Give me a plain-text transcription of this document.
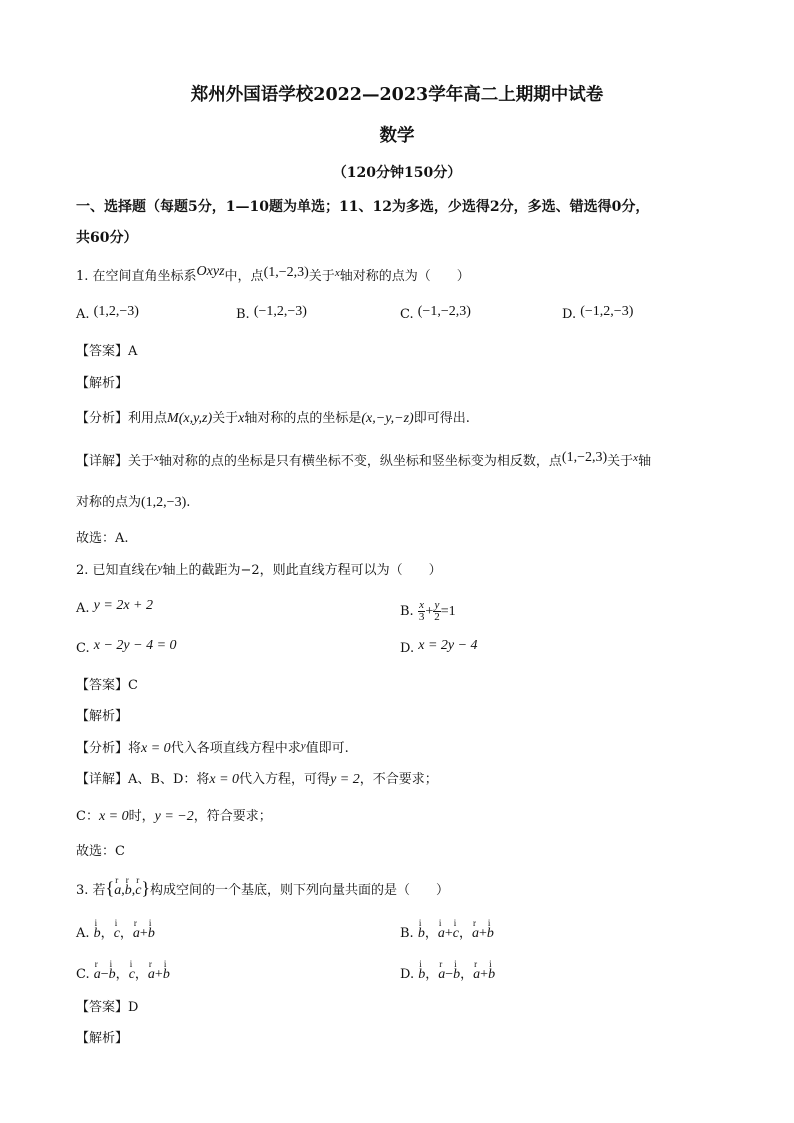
郑州外国语学校2022—2023学年高二上期期中试卷
数学
（120分钟150分）
一、选择题（每题5分，1—10题为单选；11、12为多选，少选得2分，多选、错选得0分，
共60分）
1. 在空间直角坐标系Oxyz中，点(1,−2,3)关于$^x$轴对称的点为（　　）
A. (1,2,−3)	B. (−1,2,−3)	C. (−1,−2,3)	D. (−1,2,−3)
【答案】A
【解析】
【分析】利用点M(x,y,z)关于x轴对称的点的坐标是(x,−y,−z)即可得出.
【详解】关于$^x$轴对称的点的坐标是只有横坐标不变，纵坐标和竖坐标变为相反数，点(1,−2,3)关于$^x$轴
对称的点为(1,2,−3).
故选：A.
2. 已知直线在$^y$轴上的截距为−2，则此直线方程可以为（　　）
A. y = 2x + 2	B. $\frac{x}{3} + \frac{y}{2} =1$
C. x − 2y − 4 = 0	D. x = 2y − 4
【答案】C
【解析】
【分析】将x = 0代入各项直线方程中求$^y$值即可.
【详解】A、B、D：将x = 0代入方程，可得y = 2，不合要求；
C：x = 0时，y = −2，符合要求；
故选：C
3. 若{r a,r b,r c}构成空间的一个基底，则下列向量共面的是（　　）
A. i b，i c，r a+i b	B. i b，i a+i c，r a+i b
C. r a−i b，i c，r a+i b	D. i b，r a−i b，r a+i b
【答案】D
【解析】
